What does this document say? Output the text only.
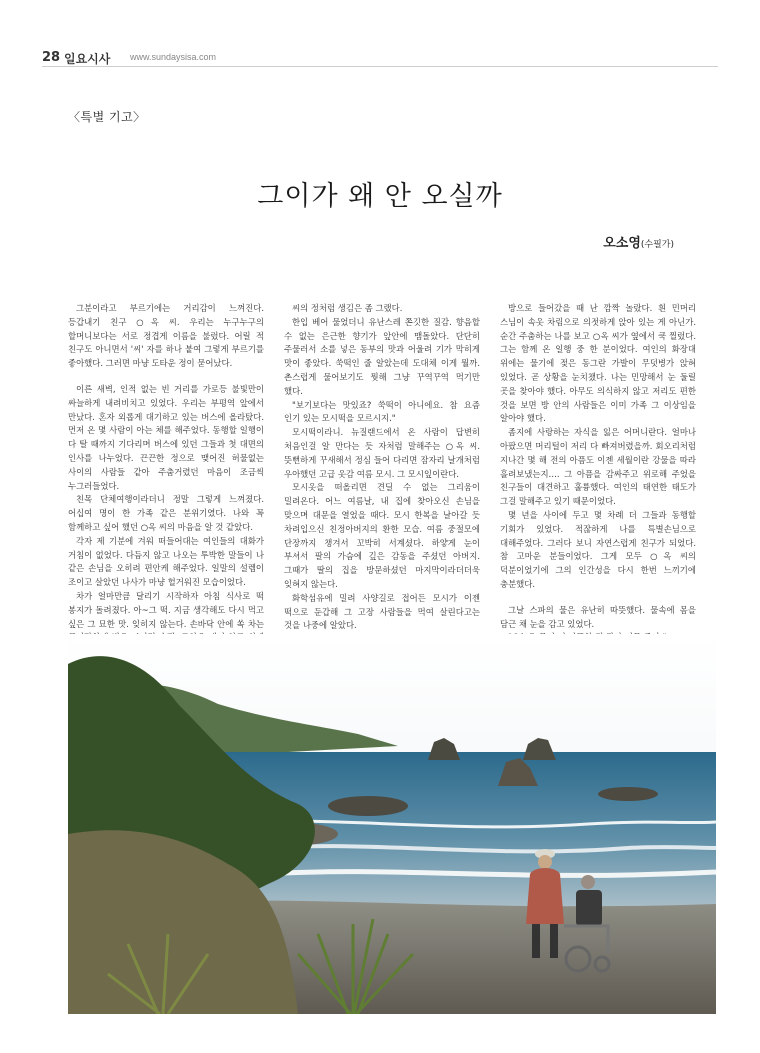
28 일요시사 www.sundaysisa.com
〈특별 기고〉
그이가 왜 안 오실까
오소영(수필가)

그분이라고 부르기에는 거리감이 느껴진다. 등갑내기 친구 ○옥 씨. 우리는 누구누구의 할머니보다는 서로 정겹게 이름을 불렀다. 어릴 적 친구도 아니면서 '씨' 자를 하나 붙여 그렇게 부르기를 좋아했다. 그러면 마냥 도타운 정이 묻어났다.

이른 새벽, 인적 없는 빈 거리를 가로등 불빛만이 싸늘하게 내려비치고 있었다. 우리는 부평역 앞에서 만났다. 혼자 외롭게 대기하고 있는 버스에 올라탔다. 먼저 온 몇 사람이 아는 체를 해주었다. 동행할 일행이 다 탈 때까지 기다리며 버스에 있던 그들과 첫 대면의 인사를 나누었다. 끈끈한 정으로 맺어진 허물없는 사이의 사람들 같아 주춤거렸던 마음이 조금씩 누그러들었다.

친목 단체여행이라더니 정말 그렇게 느껴졌다. 어십여 명이 한 가족 같은 분위기였다. 나와 꼭 함께하고 싶어 했던 ○옥 씨의 마음을 알 것 같았다.

각자 제 기분에 겨워 떠들어대는 여인들의 대화가 거침이 없었다. 다듬지 않고 나오는 투박한 말들이 나 같은 손님을 오히려 편안케 해주었다. 일말의 설렘이 조이고 살았던 나사가 마냥 헐거워진 모습이었다.

차가 얼마만큼 달리기 시작하자 아침 식사로 떡 봉지가 돌려졌다. 아~그 떡. 지금 생각해도 다시 먹고 싶은 그 묘한 맛. 잊히지 않는다. 손바닥 안에 쏙 차는

씨의 정처럼 생김은 좀 그랬다.

한입 베어 물었더니 유난스레 쫀깃한 질감. 향음할 수 없는 은근한 향기가 앞안에 맴돌았다. 단단히 주물러서 소를 넣은 동부의 맛과 어울려 기가 막히게 맛이 좋았다. 쑥떡인 줄 알았는데 도대체 이게 뭘까. 촌스럽게 물어보기도 뭣해 그냥 꾸역꾸역 먹기만 했다.

"보기보다는 맛있죠? 쑥떡이 아니에요. 참 요즘 인기 있는 모시떡을 모르시지."

모시떡이라니. 뉴질랜드에서 온 사람이 답변히 처음인걸 알 만다는 듯 자처럼 말해주는 ○옥 씨. 뜻뻔하게 꾸새해서 정심 들어 다리면 잠자리 날개처럼 우아했던 고급 옷감 여름 모시. 그 모시잎이란다.

모시옷을 떠올리면 견딜 수 없는 그리움이 밀려온다. 어느 여름날, 내 집에 찾아오신 손님을 맞으며 대문을 열었을 때다. 모시 한복을 날아갈 듯 차려입으신 친정아버지의 환한 모습. 여름 중절모에 단장까지 챙겨서 꼬박히 서계셨다. 하얗게 눈이 부셔서 팔의 가슴에 깊은 감동을 주셨던 아버지. 그때가 딸의 집을 방문하셨던 마지막이라더더욱 잊혀지 않는다.

화학섬유에 밀려 사양길로 접어든 모시가 이젠 떡으로 둔갑해 그 고장 사람들을 먹여 살린다고는 것을 나중에 알았다.

방으로 들어갔을 때 난 깜짝 놀랐다. 흰 민머리 스님이 속옷 차림으로 의젓하게 앉아 있는 게 아닌가. 순간 주춤하는 나를 보고 ○옥 씨가 옆에서 쿡 찔렀다. 그는 함께 온 일행 중 한 분이었다. 여인의 화장대 위에는 물기에 젖은 동그란 가발이 무덧병가 앉혀 있었다. 곧 상황을 눈치챘다. 나는 민망해서 눈 둘릴 곳을 찾아야 했다. 아무도 의식하지 않고 저리도 편한 것을 보면 방 안의 사람들은 이미 가족 그 이상임을 알아야 했다.

좀지에 사랑하는 자식을 잃은 어머니란다. 얼마나 아팠으면 머리털이 저리 다 빠져버렸을까. 회오리처럼 지나간 몇 해 전의 아픔도 이젠 세월이란 강물을 따라 흘려보냈는지…. 그 아픔을 감싸주고 위로해 주었을 친구들이 대견하고 훌륭했다. 여인의 태연한 태도가 그걸 말해주고 있기 때문이었다.

몇 년을 사이에 두고 몇 차례 더 그들과 동행할 기회가 있었다. 적잖하게 나를 특별손님으로 대해주었다. 그러다 보니 자연스럽게 친구가 되었다. 참 고마운 분들이었다. 그게 모두 ○옥 씨의 덕분이었기에 그의 인간성을 다시 한번 느끼기에 충분했다.

그날 스파의 물은 유난히 따뜻했다. 물속에 몸을 담근 채 눈을 감고 있었다.
